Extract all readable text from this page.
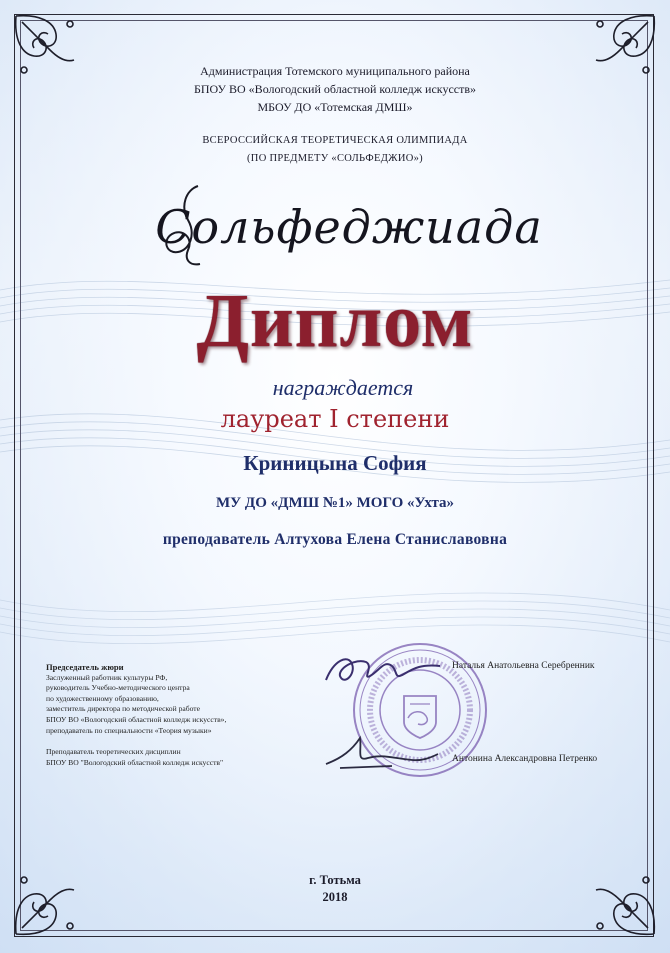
Администрация Тотемского муниципального района
БПОУ ВО «Вологодский областной колледж искусств»
МБОУ ДО «Тотемская ДМШ»
ВСЕРОССИЙСКАЯ ТЕОРЕТИЧЕСКАЯ ОЛИМПИАДА
(ПО ПРЕДМЕТУ «СОЛЬФЕДЖИО»)
Сольфеджиада
Диплом
награждается
лауреат I степени
Криницына София
МУ ДО «ДМШ №1» МОГО «Ухта»
преподаватель Алтухова Елена Станиславовна
Председатель жюри
Заслуженный работник культуры РФ,
руководитель Учебно-методического центра
по художественному образованию,
заместитель директора по методической работе
БПОУ ВО «Вологодский областной колледж искусств»,
преподаватель по специальности «Теория музыки»
Преподаватель теоретических дисциплин
БПОУ ВО "Вологодский областной колледж искусств"
Наталья Анатольевна Серебренник
Антонина Александровна Петренко
г. Тотьма
2018
